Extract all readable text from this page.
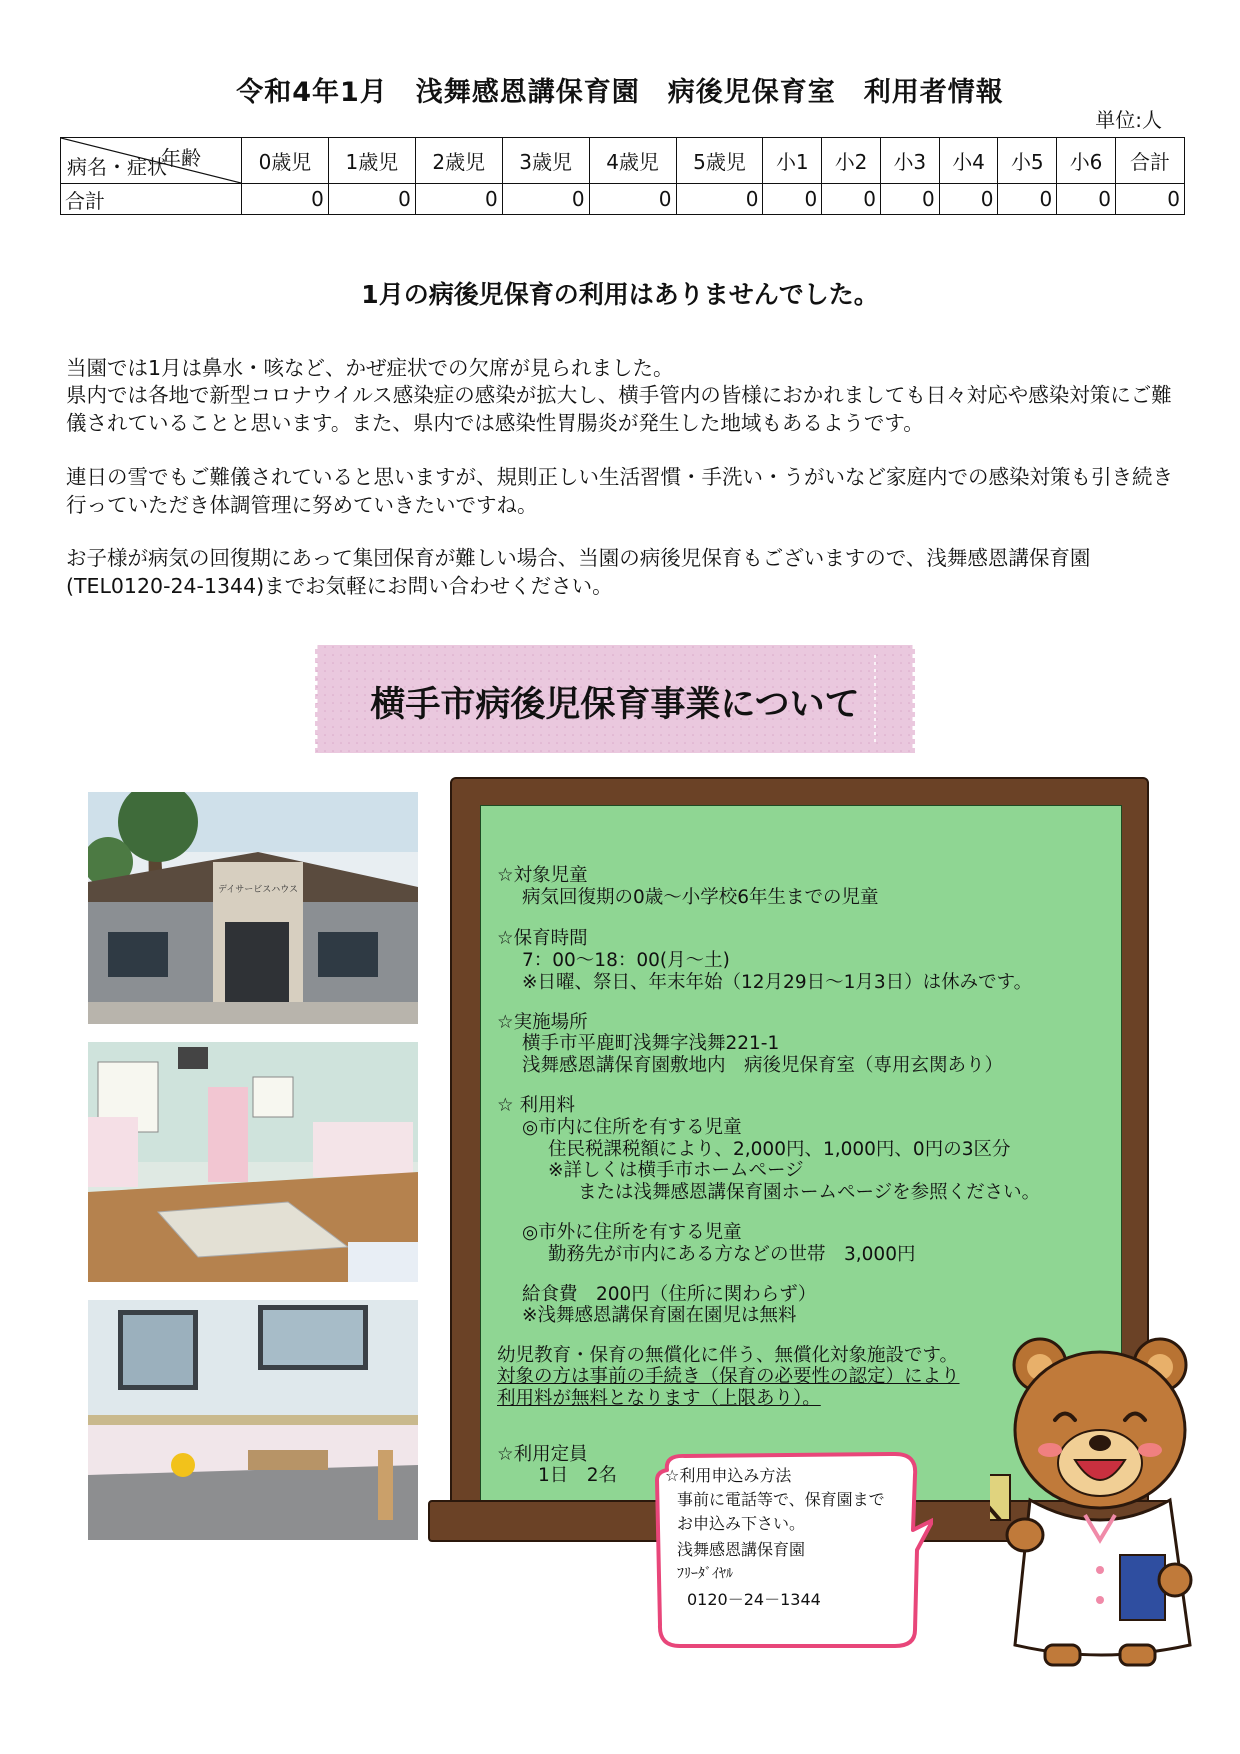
令和4年1月　浅舞感恩講保育園　病後児保育室　利用者情報
単位:人
年齢
病名・症状	0歳児	1歳児	2歳児	3歳児	4歳児	5歳児	小1	小2	小3	小4	小5	小6	合計
合計	0	0	0	0	0	0	0	0	0	0	0	0	0
1月の病後児保育の利用はありませんでした。
当園では1月は鼻水・咳など、かぜ症状での欠席が見られました。
県内では各地で新型コロナウイルス感染症の感染が拡大し、横手管内の皆様におかれましても日々対応や感染対策にご難儀されていることと思います。また、県内では感染性胃腸炎が発生した地域もあるようです。
連日の雪でもご難儀されていると思いますが、規則正しい生活習慣・手洗い・うがいなど家庭内での感染対策も引き続き行っていただき体調管理に努めていきたいですね。
お子様が病気の回復期にあって集団保育が難しい場合、当園の病後児保育もございますので、浅舞感恩講保育園(TEL0120-24-1344)までお気軽にお問い合わせください。
横手市病後児保育事業について
デイサービスハウス
☆対象児童
病気回復期の0歳～小学校6年生までの児童
☆保育時間
7：00～18：00(月～土)
※日曜、祭日、年末年始（12月29日～1月3日）は休みです。
☆実施場所
横手市平鹿町浅舞字浅舞221-1
浅舞感恩講保育園敷地内　病後児保育室（専用玄関あり）
☆ 利用料
◎市内に住所を有する児童
住民税課税額により、2,000円、1,000円、0円の3区分
※詳しくは横手市ホームページ
または浅舞感恩講保育園ホームページを参照ください。
◎市外に住所を有する児童
勤務先が市内にある方などの世帯　3,000円
給食費　200円（住所に関わらず）
※浅舞感恩講保育園在園児は無料
幼児教育・保育の無償化に伴う、無償化対象施設です。
対象の方は事前の手続き（保育の必要性の認定）により
利用料が無料となります（上限あり）。
☆利用定員
1日　2名	☆利用申込み方法
事前に電話等で、保育園まで
お申込み下さい。
浅舞感恩講保育園
ﾌﾘｰﾀﾞｲﾔﾙ
0120－24－1344
